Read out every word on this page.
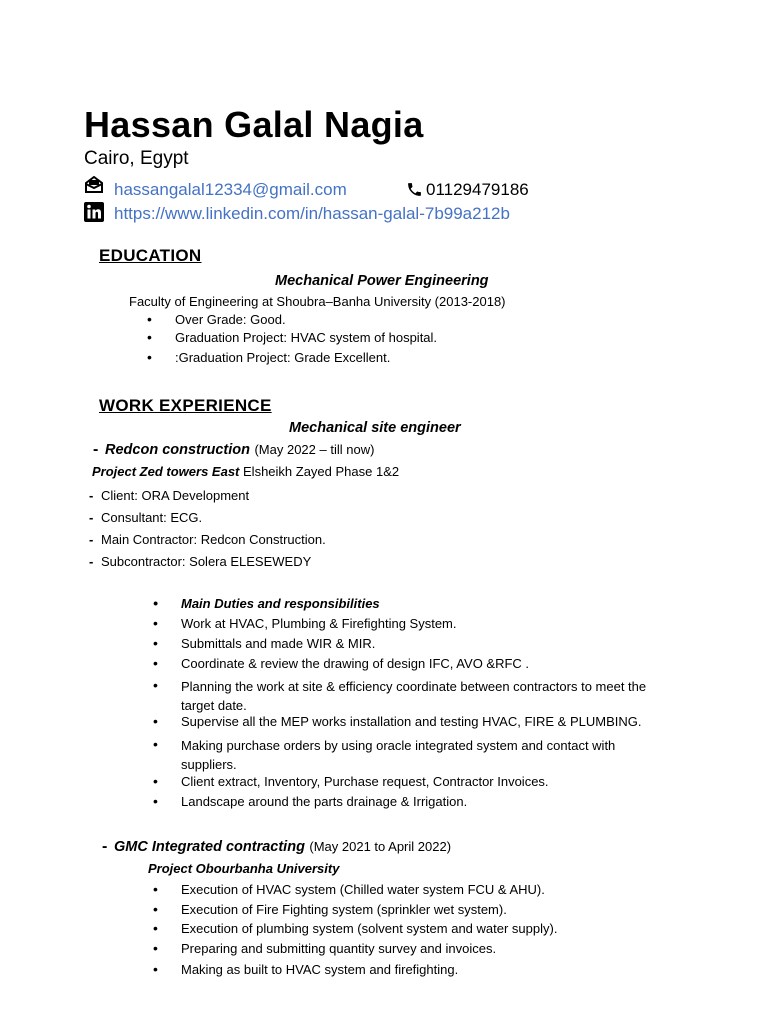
Hassan Galal Nagia
Cairo, Egypt
hassangalal12334@gmail.com	01129479186
https://www.linkedin.com/in/hassan-galal-7b99a212b
EDUCATION
Mechanical Power Engineering
Faculty of Engineering at Shoubra–Banha University (2013-2018)
• Over Grade: Good.
• Graduation Project: HVAC system of hospital.
• :Graduation Project: Grade Excellent.
WORK EXPERIENCE
Mechanical site engineer
- Redcon construction (May 2022 – till now)
Project Zed towers East Elsheikh Zayed Phase 1&2
- Client: ORA Development
- Consultant: ECG.
- Main Contractor: Redcon Construction.
- Subcontractor: Solera ELESEWEDY
• Main Duties and responsibilities
• Work at HVAC, Plumbing & Firefighting System.
• Submittals and made WIR & MIR.
• Coordinate & review the drawing of design IFC, AVO &RFC .
• Planning the work at site & efficiency coordinate between contractors to meet the target date.
• Supervise all the MEP works installation and testing HVAC, FIRE & PLUMBING.
• Making purchase orders by using oracle integrated system and contact with suppliers.
• Client extract, Inventory, Purchase request, Contractor Invoices.
• Landscape around the parts drainage & Irrigation.
- GMC Integrated contracting (May 2021 to April 2022)
Project Obourbanha University
• Execution of HVAC system (Chilled water system FCU & AHU).
• Execution of Fire Fighting system (sprinkler wet system).
• Execution of plumbing system (solvent system and water supply).
• Preparing and submitting quantity survey and invoices.
• Making as built to HVAC system and firefighting.
